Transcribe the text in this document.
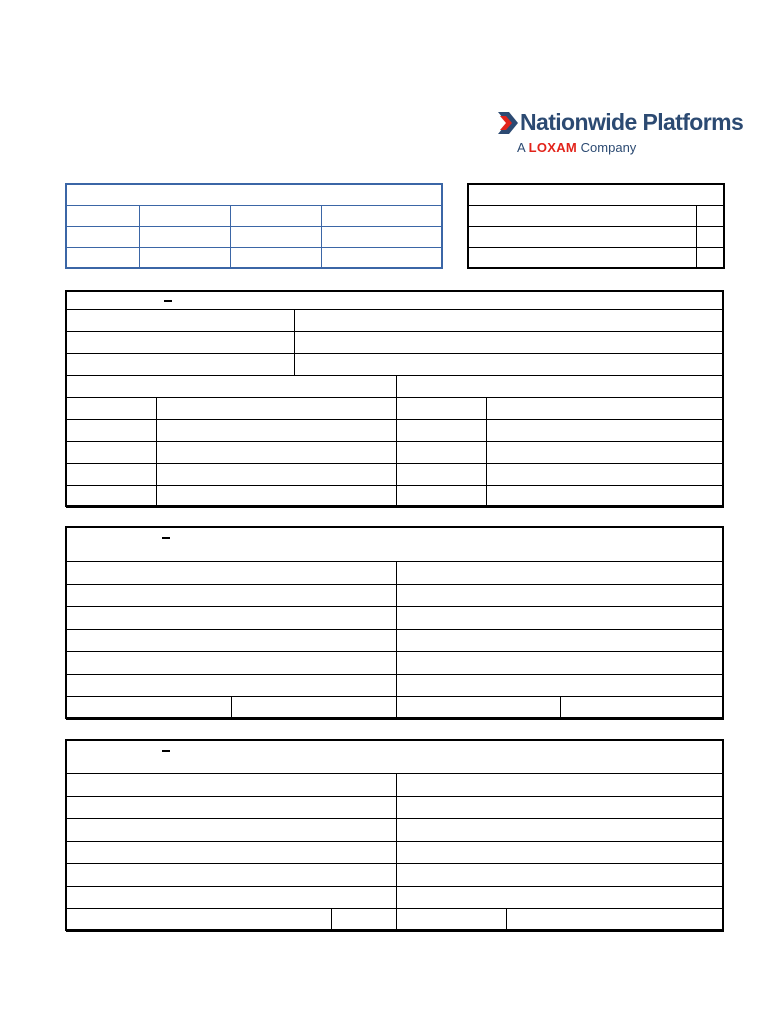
Nationwide Platforms
A LOXAM Company
